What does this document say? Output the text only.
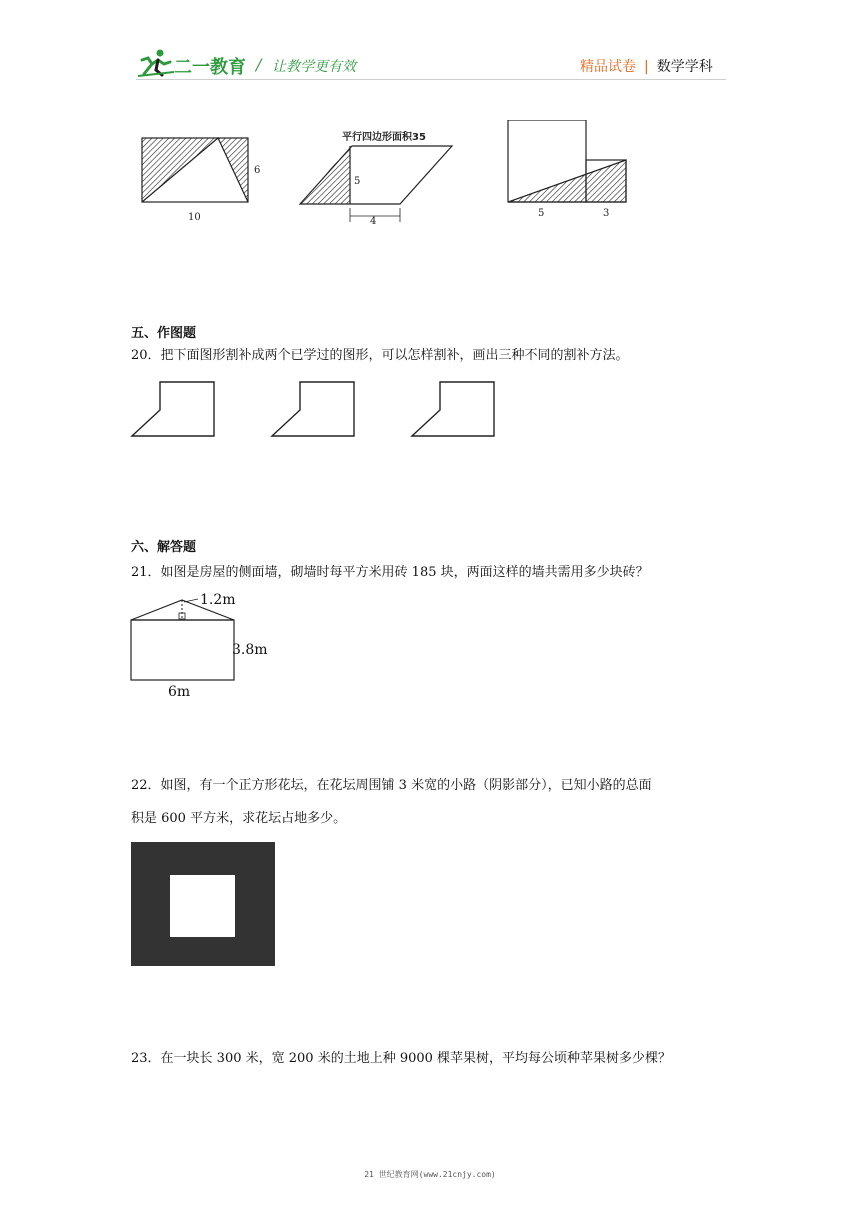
二一教育 / 让教学更有效	精品试卷 | 数学学科
10
6
平行四边形面积35
5
4
5	3
五、作图题
20．把下面图形割补成两个已学过的图形，可以怎样割补，画出三种不同的割补方法。
六、解答题
21．如图是房屋的侧面墙，砌墙时每平方米用砖 185 块，两面这样的墙共需用多少块砖？
1.2m
3.8m
6m
22．如图，有一个正方形花坛，在花坛周围铺 3 米宽的小路（阴影部分），已知小路的总面
积是 600 平方米，求花坛占地多少。
23．在一块长 300 米，宽 200 米的土地上种 9000 棵苹果树，平均每公顷种苹果树多少棵？
21 世纪教育网(www.21cnjy.com)
